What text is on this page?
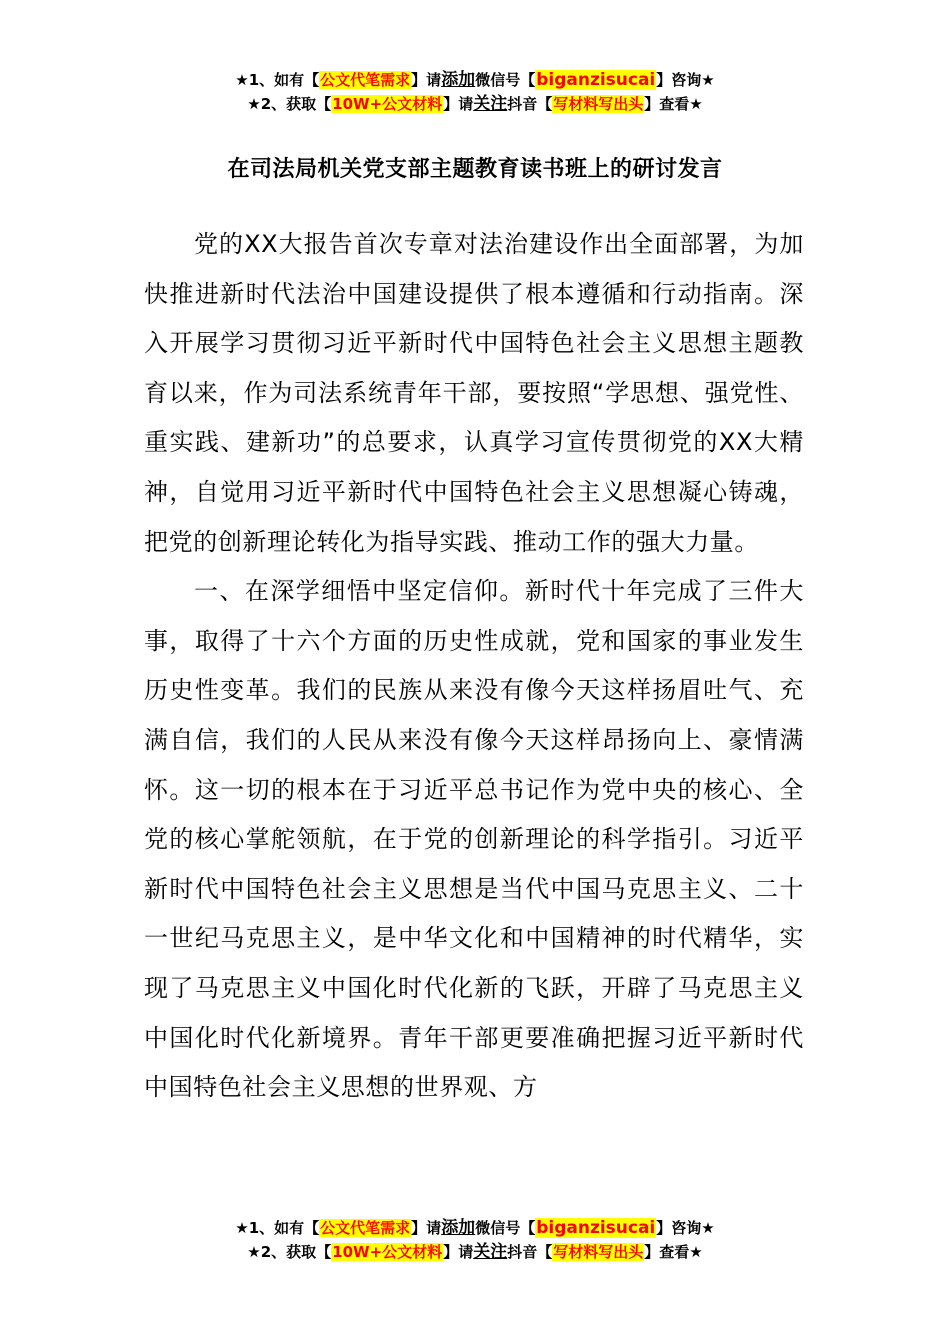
★1、如有【公文代笔需求】请添加微信号【biganzisucai】咨询★
★2、获取【10W+公文材料】请关注抖音【写材料写出头】查看★
在司法局机关党支部主题教育读书班上的研讨发言

党的XX大报告首次专章对法治建设作出全面部署，为加快推进新时代法治中国建设提供了根本遵循和行动指南。深入开展学习贯彻习近平新时代中国特色社会主义思想主题教育以来，作为司法系统青年干部，要按照“学思想、强党性、重实践、建新功”的总要求，认真学习宣传贯彻党的XX大精神，自觉用习近平新时代中国特色社会主义思想凝心铸魂，把党的创新理论转化为指导实践、推动工作的强大力量。

一、在深学细悟中坚定信仰。新时代十年完成了三件大事，取得了十六个方面的历史性成就，党和国家的事业发生历史性变革。我们的民族从来没有像今天这样扬眉吐气、充满自信，我们的人民从来没有像今天这样昂扬向上、豪情满怀。这一切的根本在于习近平总书记作为党中央的核心、全党的核心掌舵领航，在于党的创新理论的科学指引。习近平新时代中国特色社会主义思想是当代中国马克思主义、二十一世纪马克思主义，是中华文化和中国精神的时代精华，实现了马克思主义中国化时代化新的飞跃，开辟了马克思主义中国化时代化新境界。青年干部更要准确把握习近平新时代中国特色社会主义思想的世界观、方

★1、如有【公文代笔需求】请添加微信号【biganzisucai】咨询★
★2、获取【10W+公文材料】请关注抖音【写材料写出头】查看★
